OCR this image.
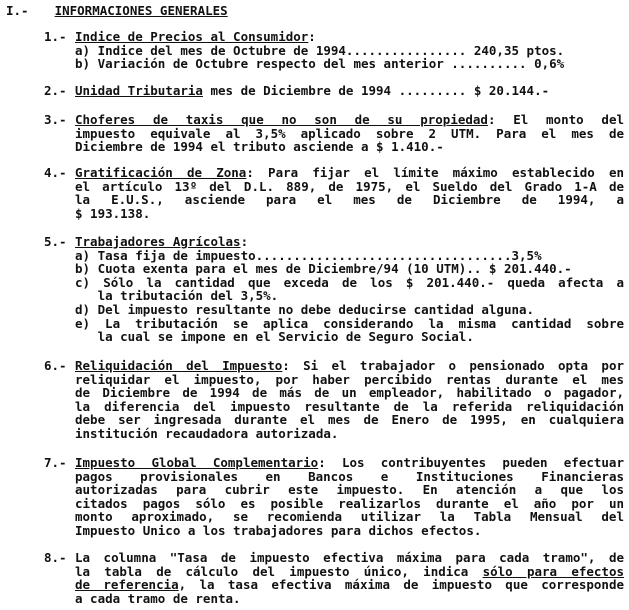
I.- INFORMACIONES GENERALES
1.- Indice de Precios al Consumidor:
a) Indice del mes de Octubre de 1994................ 240,35 ptos.
b) Variación de Octubre respecto del mes anterior .......... 0,6%
2.- Unidad Tributaria mes de Diciembre de 1994 ......... $ 20.144.-
3.- Choferes de taxis que no son de su propiedad: El monto del
impuesto equivale al 3,5% aplicado sobre 2 UTM. Para el mes de
Diciembre de 1994 el tributo asciende a $ 1.410.-
4.- Gratificación de Zona: Para fijar el límite máximo establecido en
el artículo 13º del D.L. 889, de 1975, el Sueldo del Grado 1-A de
la E.U.S., asciende para el mes de Diciembre de 1994, a
$ 193.138.
5.- Trabajadores Agrícolas:
a) Tasa fija de impuesto..................................3,5%
b) Cuota exenta para el mes de Diciembre/94 (10 UTM).. $ 201.440.-
c) Sólo la cantidad que exceda de los $ 201.440.- queda afecta a
la tributación del 3,5%.
d) Del impuesto resultante no debe deducirse cantidad alguna.
e) La tributación se aplica considerando la misma cantidad sobre
la cual se impone en el Servicio de Seguro Social.
6.- Reliquidación del Impuesto: Si el trabajador o pensionado opta por
reliquidar el impuesto, por haber percibido rentas durante el mes
de Diciembre de 1994 de más de un empleador, habilitado o pagador,
la diferencia del impuesto resultante de la referida reliquidación
debe ser ingresada durante el mes de Enero de 1995, en cualquiera
institución recaudadora autorizada.
7.- Impuesto Global Complementario: Los contribuyentes pueden efectuar
pagos provisionales en Bancos e Instituciones Financieras
autorizadas para cubrir este impuesto. En atención a que los
citados pagos sólo es posible realizarlos durante el año por un
monto aproximado, se recomienda utilizar la Tabla Mensual del
Impuesto Unico a los trabajadores para dichos efectos.
8.- La columna "Tasa de impuesto efectiva máxima para cada tramo", de
la tabla de cálculo del impuesto único, indica sólo para efectos
de referencia, la tasa efectiva máxima de impuesto que corresponde
a cada tramo de renta.
